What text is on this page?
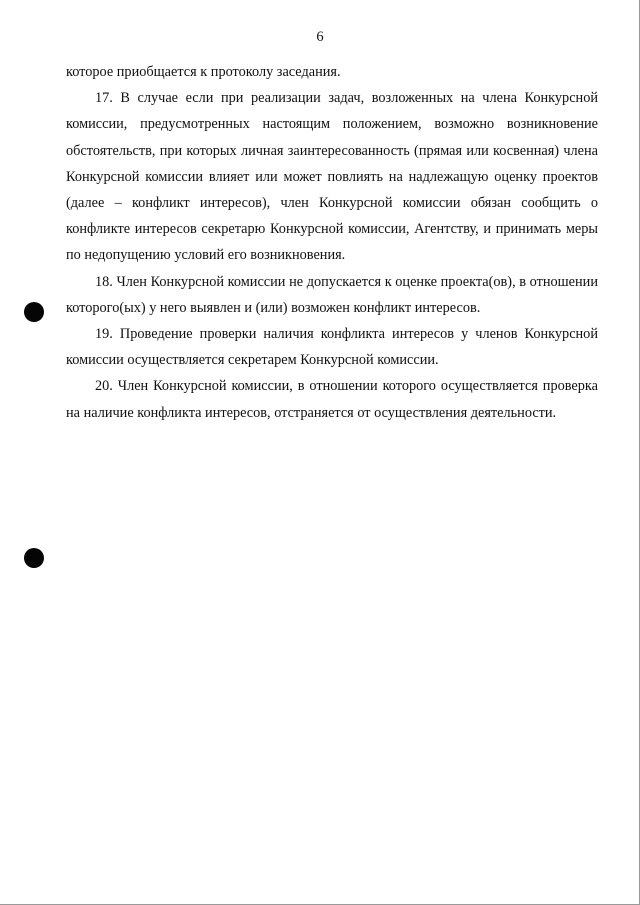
6

которое приобщается к протоколу заседания.

17. В случае если при реализации задач, возложенных на члена Конкурсной комиссии, предусмотренных настоящим положением, возможно возникновение обстоятельств, при которых личная заинтересованность (прямая или косвенная) члена Конкурсной комиссии влияет или может повлиять на надлежащую оценку проектов (далее – конфликт интересов), член Конкурсной комиссии обязан сообщить о конфликте интересов секретарю Конкурсной комиссии, Агентству, и принимать меры по недопущению условий его возникновения.

18. Член Конкурсной комиссии не допускается к оценке проекта(ов), в отношении которого(ых) у него выявлен и (или) возможен конфликт интересов.

19. Проведение проверки наличия конфликта интересов у членов Конкурсной комиссии осуществляется секретарем Конкурсной комиссии.

20. Член Конкурсной комиссии, в отношении которого осуществляется проверка на наличие конфликта интересов, отстраняется от осуществления деятельности.
